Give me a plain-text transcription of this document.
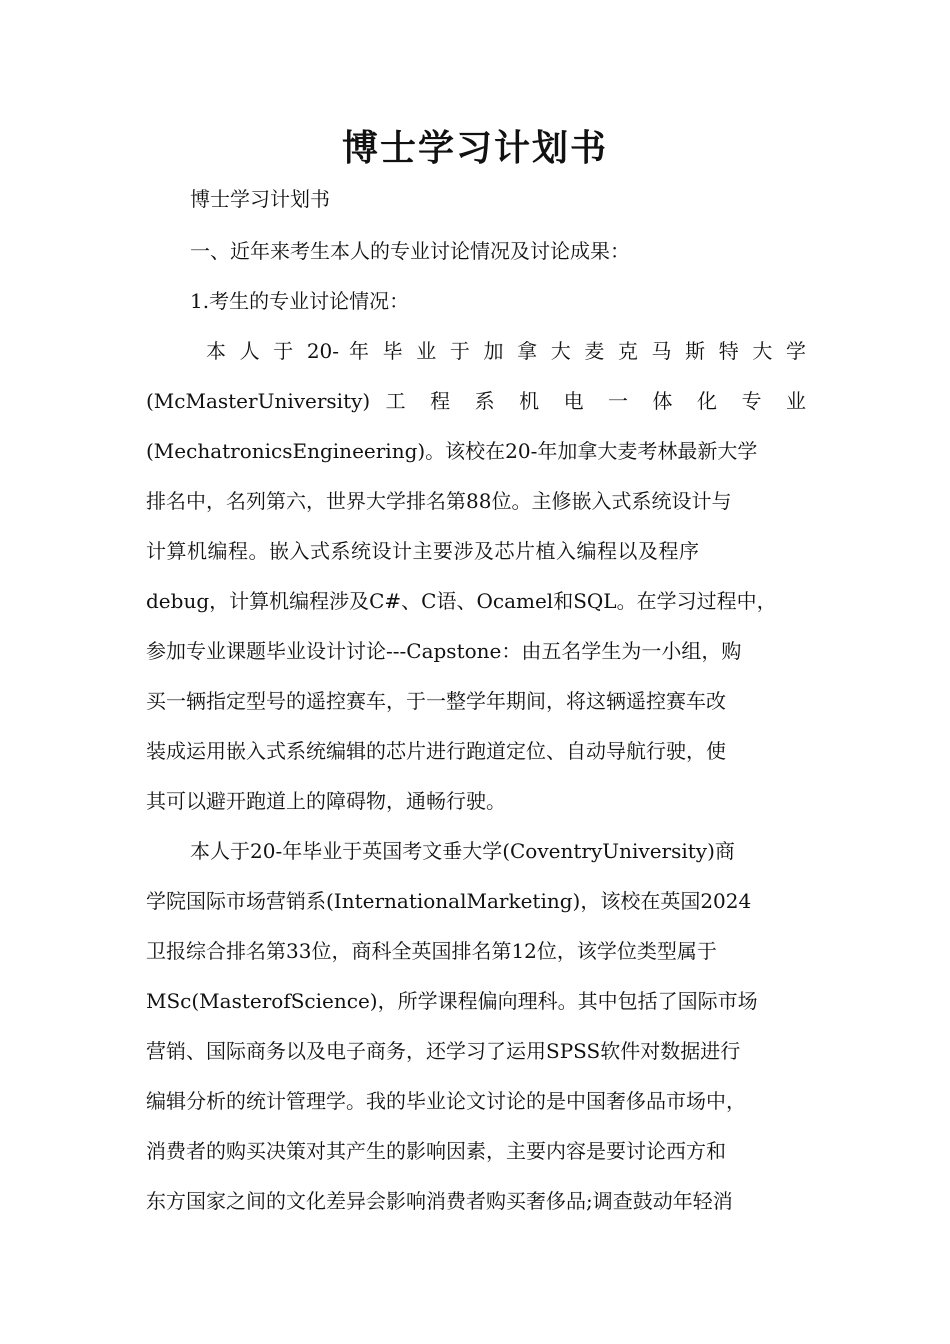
博士学习计划书

博士学习计划书

一、近年来考生本人的专业讨论情况及讨论成果：

1.考生的专业讨论情况：

本 人 于 20- 年 毕 业 于 加 拿 大 麦 克 马 斯 特 大 学

(McMasterUniversity) 工 程 系 机 电 一 体 化 专 业

(MechatronicsEngineering)。该校在20-年加拿大麦考林最新大学

排名中，名列第六，世界大学排名第88位。主修嵌入式系统设计与

计算机编程。嵌入式系统设计主要涉及芯片植入编程以及程序

debug，计算机编程涉及C#、C语、Ocamel和SQL。在学习过程中，

参加专业课题毕业设计讨论---Capstone：由五名学生为一小组，购

买一辆指定型号的遥控赛车，于一整学年期间，将这辆遥控赛车改

装成运用嵌入式系统编辑的芯片进行跑道定位、自动导航行驶，使

其可以避开跑道上的障碍物，通畅行驶。

本人于20-年毕业于英国考文垂大学(CoventryUniversity)商

学院国际市场营销系(InternationalMarketing)，该校在英国2024

卫报综合排名第33位，商科全英国排名第12位，该学位类型属于

MSc(MasterofScience)，所学课程偏向理科。其中包括了国际市场

营销、国际商务以及电子商务，还学习了运用SPSS软件对数据进行

编辑分析的统计管理学。我的毕业论文讨论的是中国奢侈品市场中，

消费者的购买决策对其产生的影响因素，主要内容是要讨论西方和

东方国家之间的文化差异会影响消费者购买奢侈品;调查鼓动年轻消
